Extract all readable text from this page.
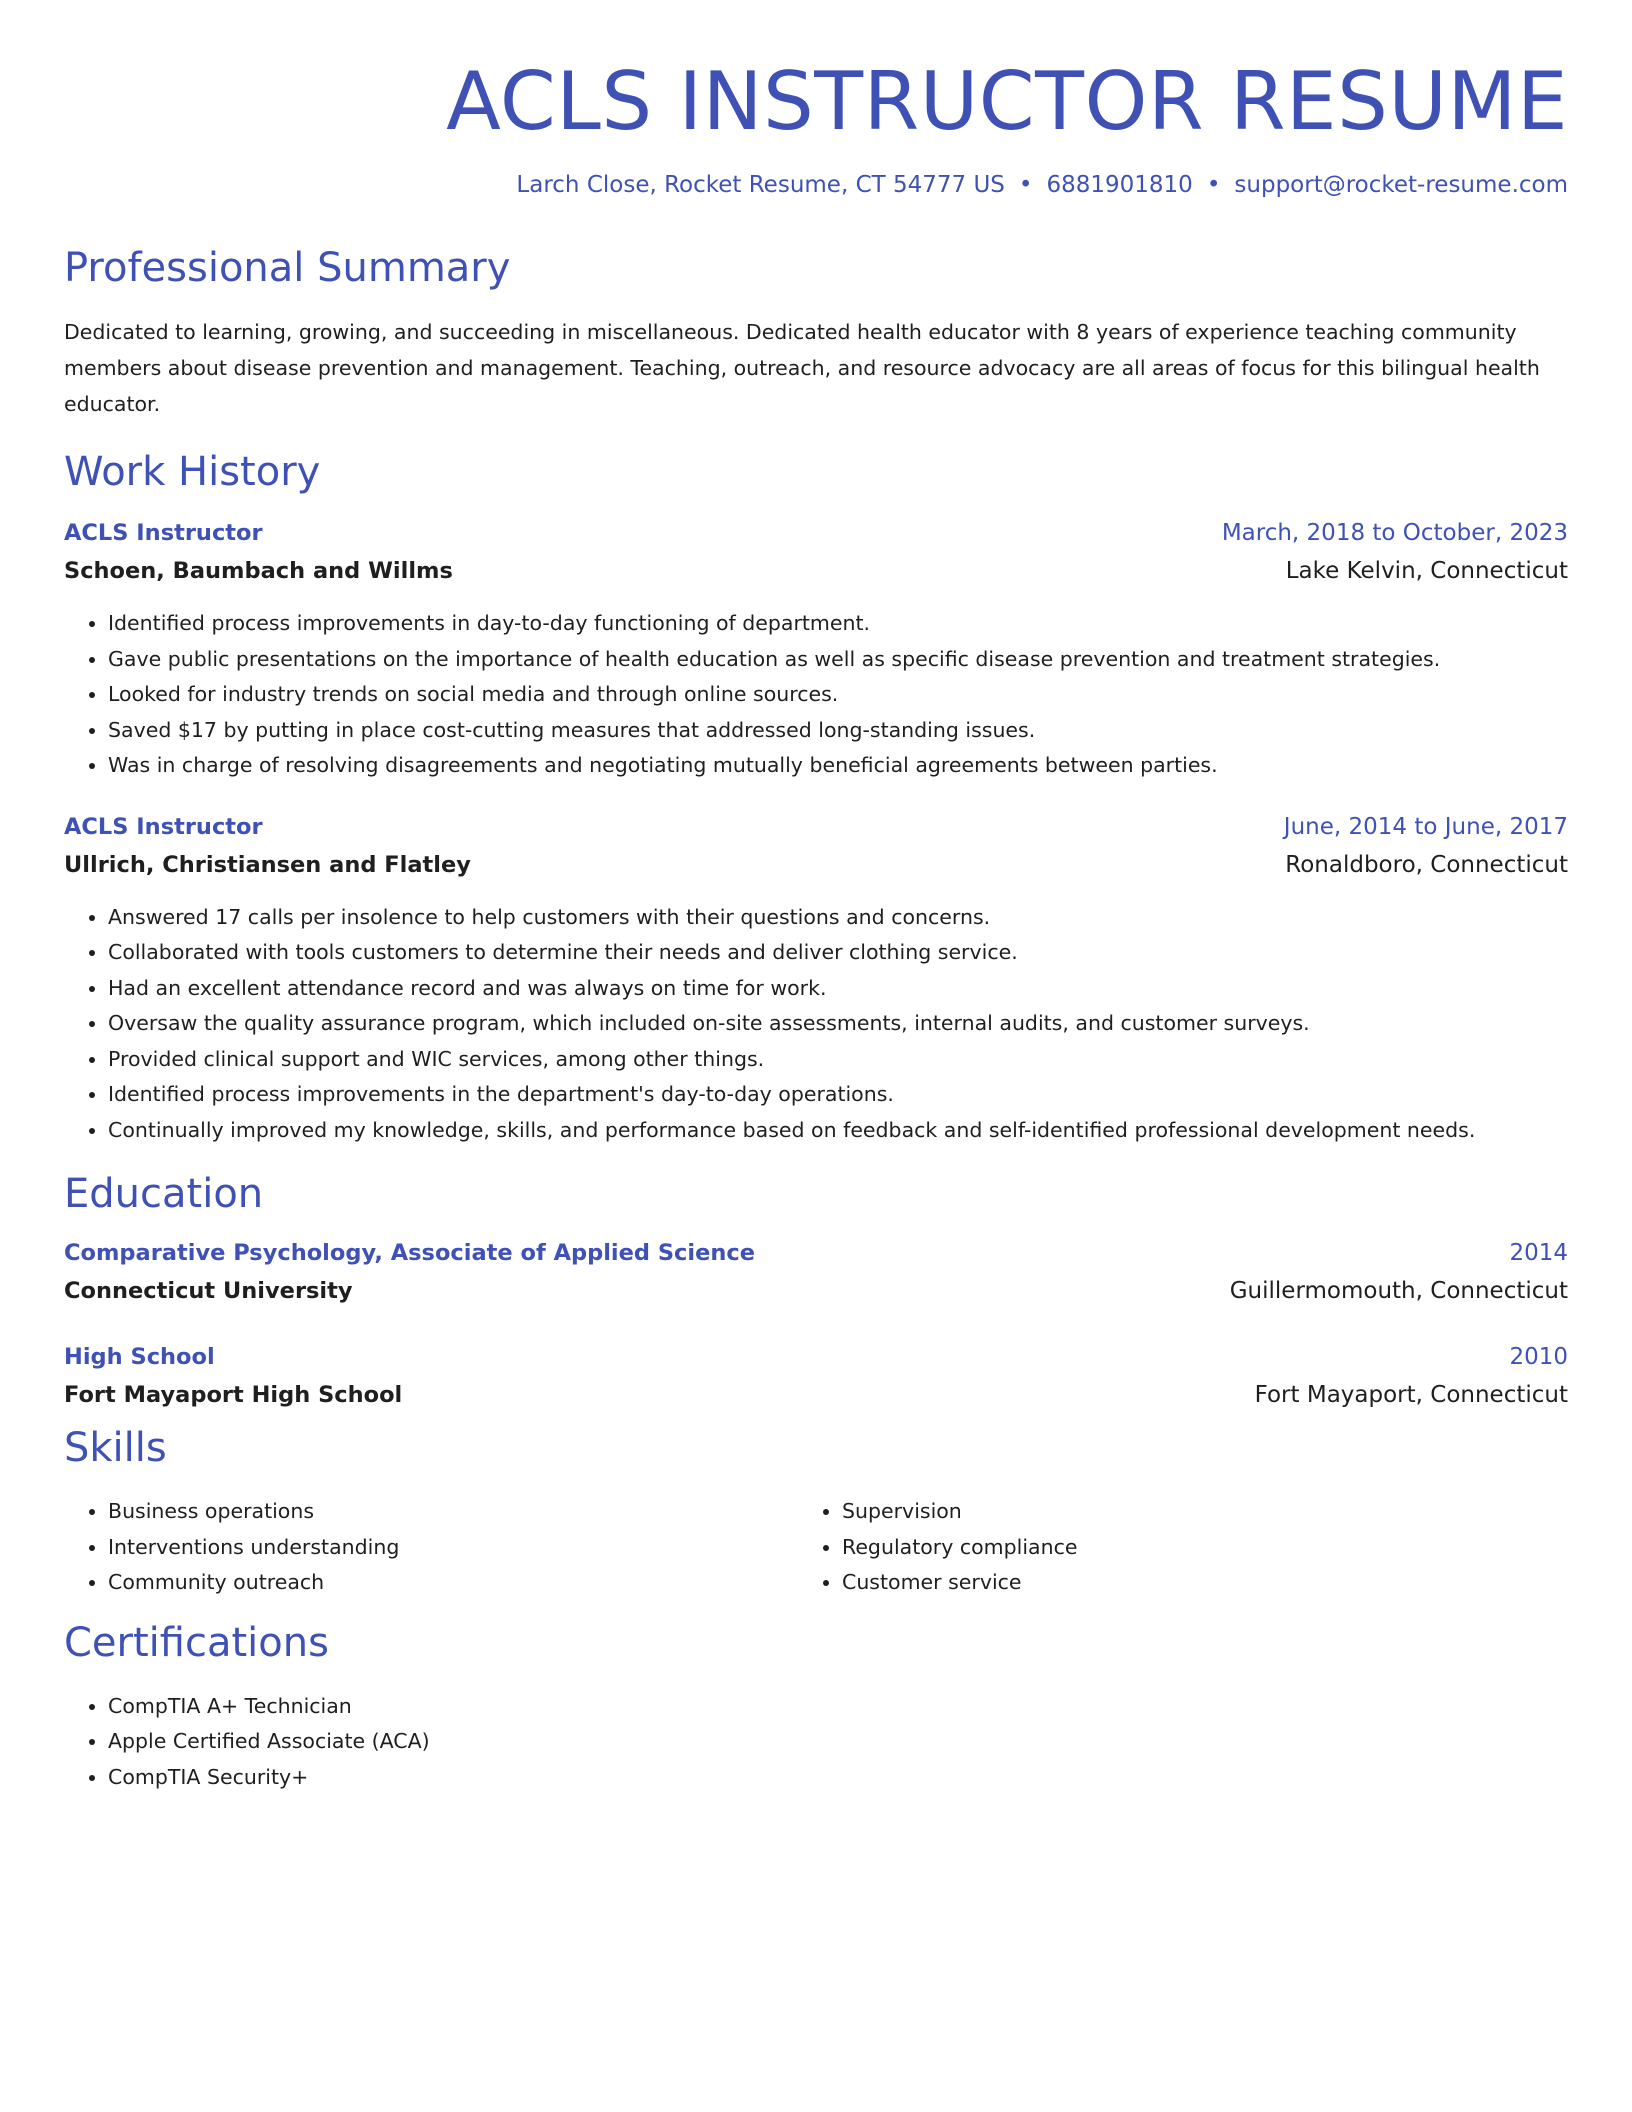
ACLS INSTRUCTOR RESUME
Larch Close, Rocket Resume, CT 54777 US • 6881901810 • support@rocket-resume.com
Professional Summary

Dedicated to learning, growing, and succeeding in miscellaneous. Dedicated health educator with 8 years of experience teaching community members about disease prevention and management. Teaching, outreach, and resource advocacy are all areas of focus for this bilingual health educator.

Work History
ACLS Instructor	March, 2018 to October, 2023
Schoen, Baumbach and Willms	Lake Kelvin, Connecticut
• Identified process improvements in day-to-day functioning of department.
• Gave public presentations on the importance of health education as well as specific disease prevention and treatment strategies.
• Looked for industry trends on social media and through online sources.
• Saved $17 by putting in place cost-cutting measures that addressed long-standing issues.
• Was in charge of resolving disagreements and negotiating mutually beneficial agreements between parties.
ACLS Instructor	June, 2014 to June, 2017
Ullrich, Christiansen and Flatley	Ronaldboro, Connecticut
• Answered 17 calls per insolence to help customers with their questions and concerns.
• Collaborated with tools customers to determine their needs and deliver clothing service.
• Had an excellent attendance record and was always on time for work.
• Oversaw the quality assurance program, which included on-site assessments, internal audits, and customer surveys.
• Provided clinical support and WIC services, among other things.
• Identified process improvements in the department's day-to-day operations.
• Continually improved my knowledge, skills, and performance based on feedback and self-identified professional development needs.
Education
Comparative Psychology, Associate of Applied Science	2014
Connecticut University	Guillermomouth, Connecticut
High School	2010
Fort Mayaport High School	Fort Mayaport, Connecticut
Skills
• Business operations
• Interventions understanding
• Community outreach
• Supervision
• Regulatory compliance
• Customer service
Certifications
• CompTIA A+ Technician
• Apple Certified Associate (ACA)
• CompTIA Security+
